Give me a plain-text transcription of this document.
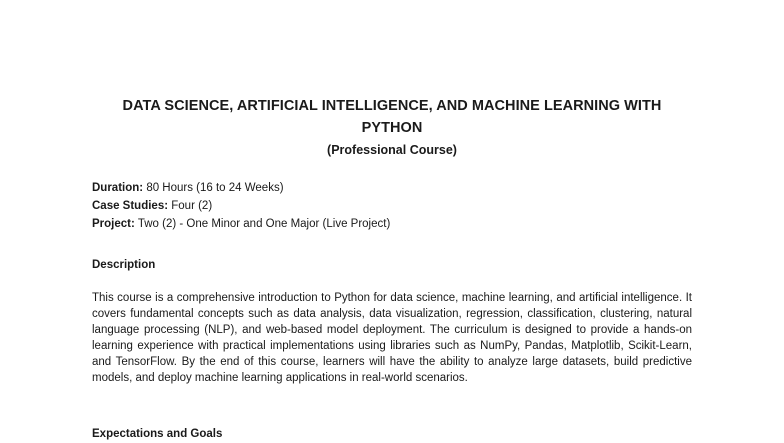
DATA SCIENCE, ARTIFICIAL INTELLIGENCE, AND MACHINE LEARNING WITH PYTHON
(Professional Course)
Duration: 80 Hours (16 to 24 Weeks)
Case Studies: Four (2)
Project: Two (2) - One Minor and One Major (Live Project)
Description
This course is a comprehensive introduction to Python for data science, machine learning, and artificial intelligence. It covers fundamental concepts such as data analysis, data visualization, regression, classification, clustering, natural language processing (NLP), and web-based model deployment. The curriculum is designed to provide a hands-on learning experience with practical implementations using libraries such as NumPy, Pandas, Matplotlib, Scikit-Learn, and TensorFlow. By the end of this course, learners will have the ability to analyze large datasets, build predictive models, and deploy machine learning applications in real-world scenarios.
Expectations and Goals
